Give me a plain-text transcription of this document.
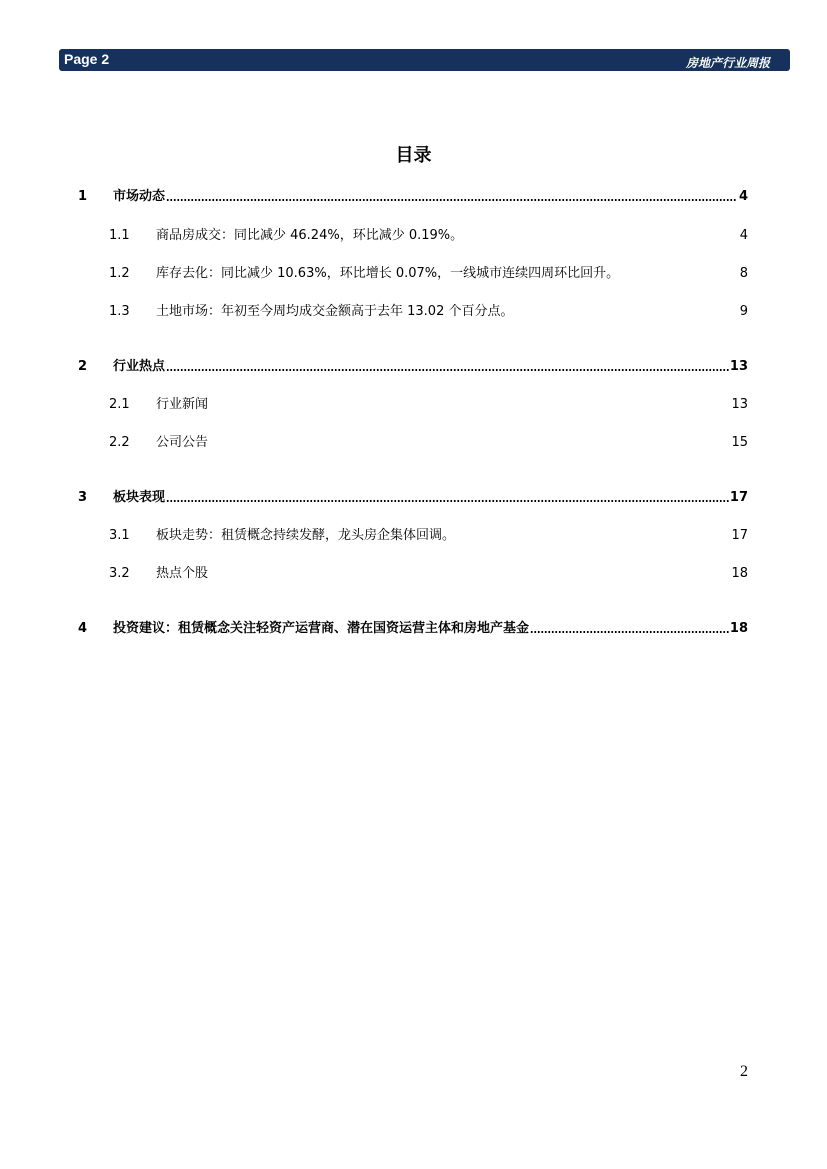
Page 2	房地产行业周报
目录
1	市场动态	4
1.1	商品房成交：同比减少 46.24%，环比减少 0.19%。	4
1.2	库存去化：同比减少 10.63%，环比增长 0.07%，一线城市连续四周环比回升。	8
1.3	土地市场：年初至今周均成交金额高于去年 13.02 个百分点。	9
2	行业热点	13
2.1	行业新闻	13
2.2	公司公告	15
3	板块表现	17
3.1	板块走势：租赁概念持续发酵，龙头房企集体回调。	17
3.2	热点个股	18
4	投资建议：租赁概念关注轻资产运营商、潜在国资运营主体和房地产基金	18
2
